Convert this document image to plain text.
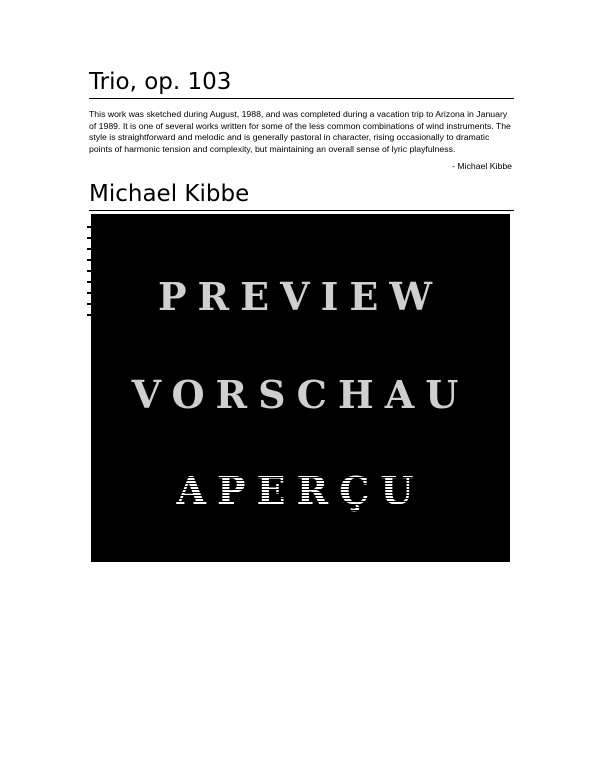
Trio, op. 103

This work was sketched during August, 1988, and was completed during a vacation trip to Arizona in January of 1989. It is one of several works written for some of the less common combinations of wind instruments. The style is straightforward and melodic and is generally pastoral in character, rising occasionally to dramatic points of harmonic tension and complexity, but maintaining an overall sense of lyric playfulness.

- Michael Kibbe

Michael Kibbe

PREVIEW

VORSCHAU

APERÇU
